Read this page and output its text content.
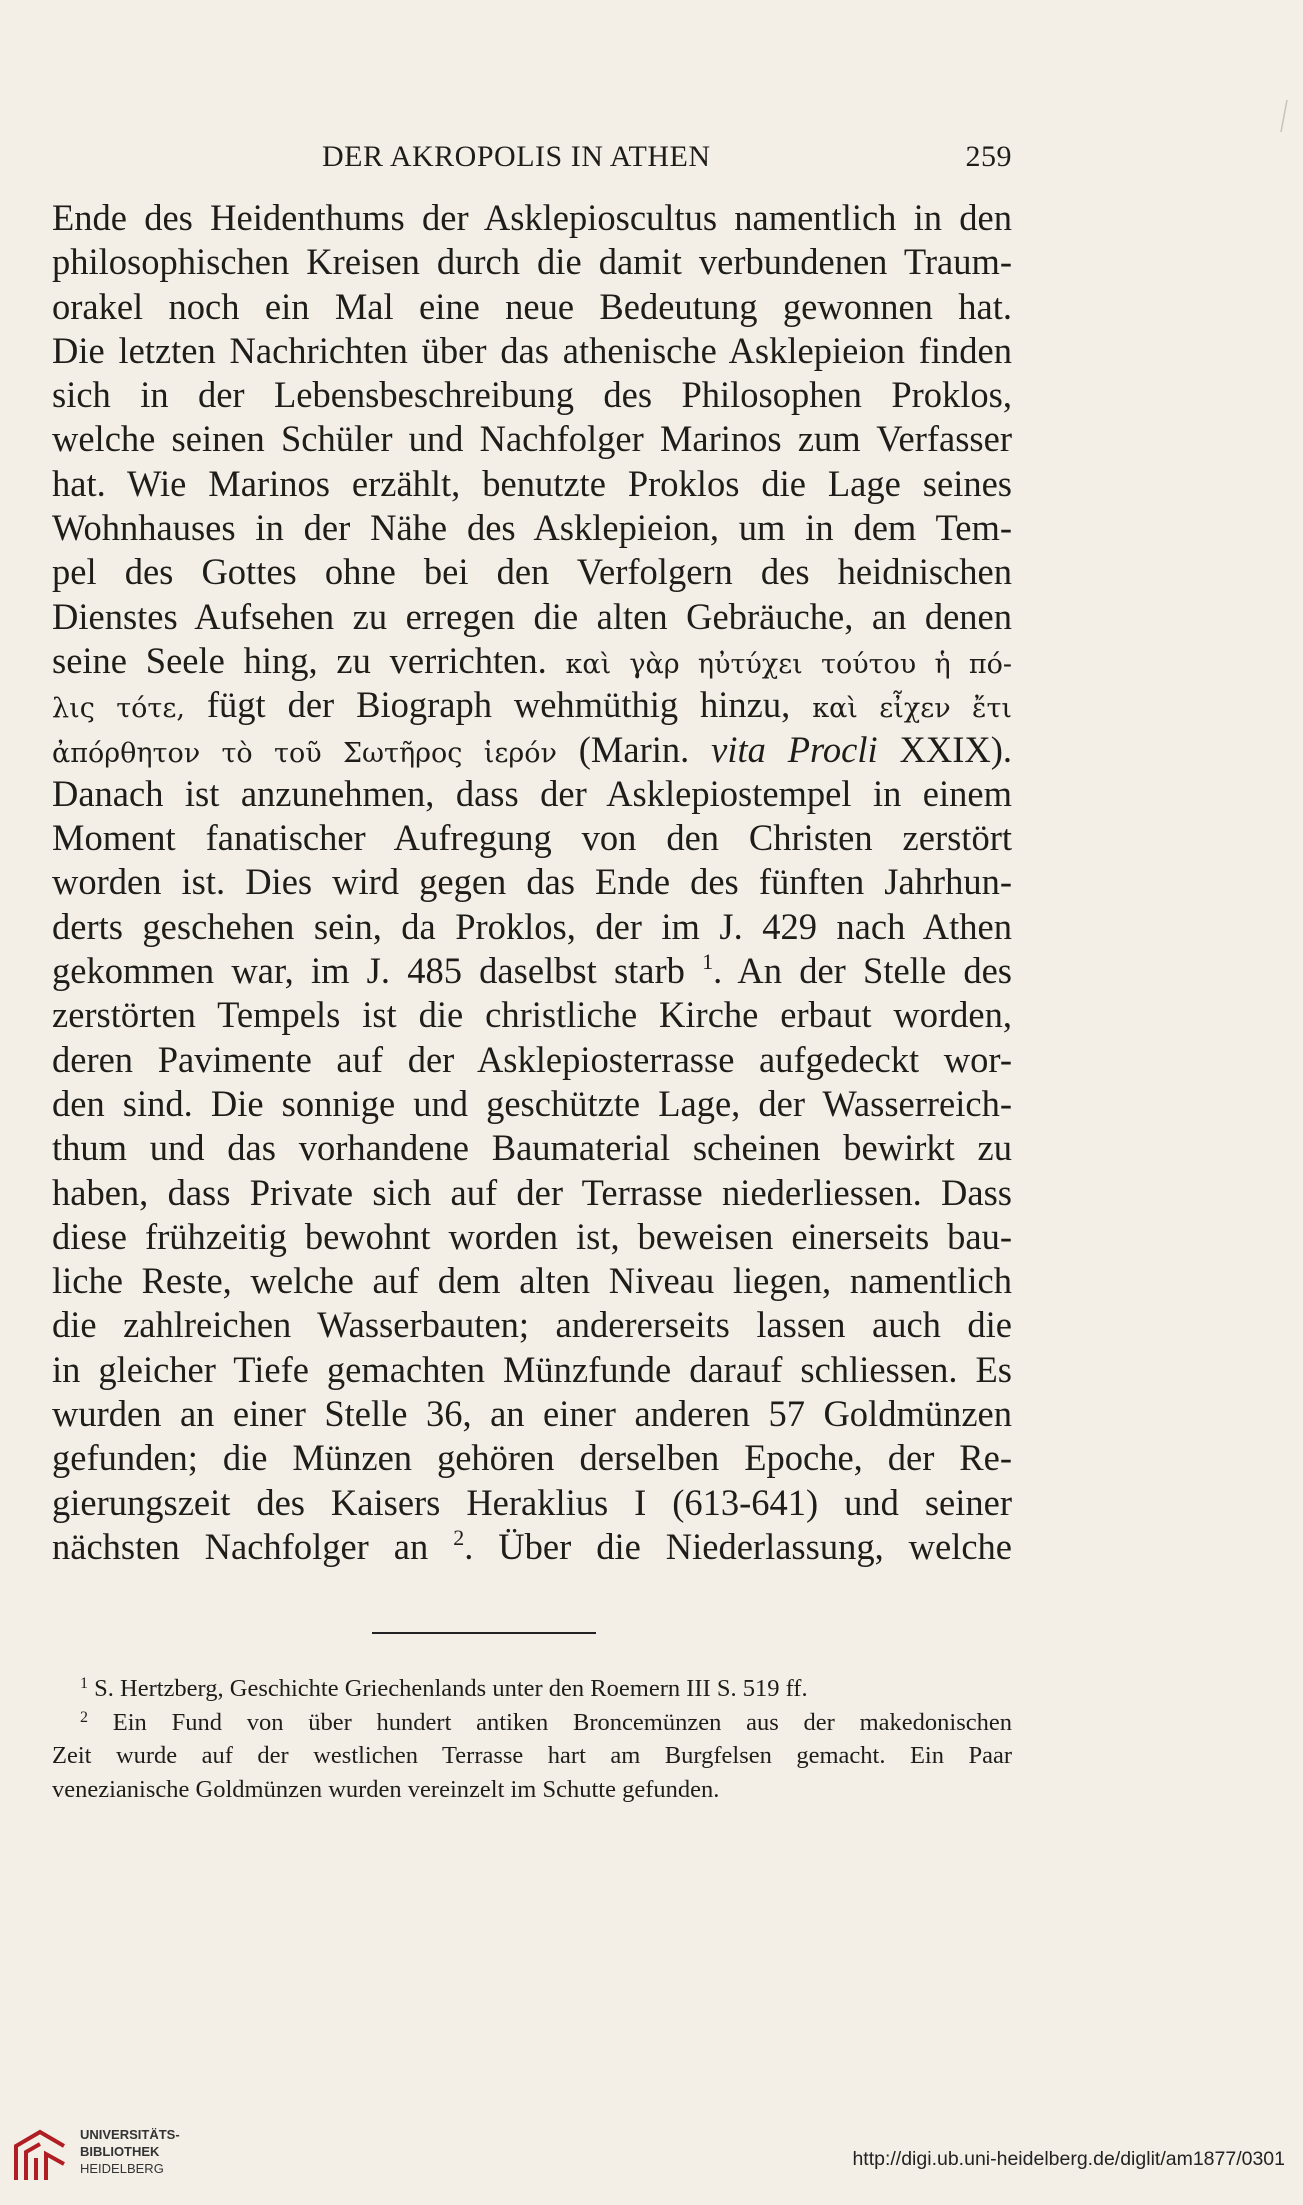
DER AKROPOLIS IN ATHEN	259
Ende des Heidenthums der Asklepioscultus namentlich in den
philosophischen Kreisen durch die damit verbundenen Traum-
orakel noch ein Mal eine neue Bedeutung gewonnen hat.
Die letzten Nachrichten über das athenische Asklepieion finden
sich in der Lebensbeschreibung des Philosophen Proklos,
welche seinen Schüler und Nachfolger Marinos zum Verfasser
hat. Wie Marinos erzählt, benutzte Proklos die Lage seines
Wohnhauses in der Nähe des Asklepieion, um in dem Tem-
pel des Gottes ohne bei den Verfolgern des heidnischen
Dienstes Aufsehen zu erregen die alten Gebräuche, an denen
seine Seele hing, zu verrichten. καὶ γὰρ ηὐτύχει τούτου ἡ πό-
λις τότε, fügt der Biograph wehmüthig hinzu, καὶ εἶχεν ἔτι
ἀπόρθητον τὸ τοῦ Σωτῆρος ἱερόν (Marin. vita Procli XXIX).
Danach ist anzunehmen, dass der Asklepiostempel in einem
Moment fanatischer Aufregung von den Christen zerstört
worden ist. Dies wird gegen das Ende des fünften Jahrhun-
derts geschehen sein, da Proklos, der im J. 429 nach Athen
gekommen war, im J. 485 daselbst starb $^1$. An der Stelle des
zerstörten Tempels ist die christliche Kirche erbaut worden,
deren Pavimente auf der Asklepiosterrasse aufgedeckt wor-
den sind. Die sonnige und geschützte Lage, der Wasserreich-
thum und das vorhandene Baumaterial scheinen bewirkt zu
haben, dass Private sich auf der Terrasse niederliessen. Dass
diese frühzeitig bewohnt worden ist, beweisen einerseits bau-
liche Reste, welche auf dem alten Niveau liegen, namentlich
die zahlreichen Wasserbauten; andererseits lassen auch die
in gleicher Tiefe gemachten Münzfunde darauf schliessen. Es
wurden an einer Stelle 36, an einer anderen 57 Goldmünzen
gefunden; die Münzen gehören derselben Epoche, der Re-
gierungszeit des Kaisers Heraklius I (613-641) und seiner
nächsten Nachfolger an $^2$. Über die Niederlassung, welche
$^1$ S. Hertzberg, Geschichte Griechenlands unter den Roemern III S. 519 ff.
$^2$ Ein Fund von über hundert antiken Broncemünzen aus der makedonischen
Zeit wurde auf der westlichen Terrasse hart am Burgfelsen gemacht. Ein Paar
venezianische Goldmünzen wurden vereinzelt im Schutte gefunden.
UNIVERSITÄTS-
BIBLIOTHEK
HEIDELBERG	http://digi.ub.uni-heidelberg.de/diglit/am1877/0301
